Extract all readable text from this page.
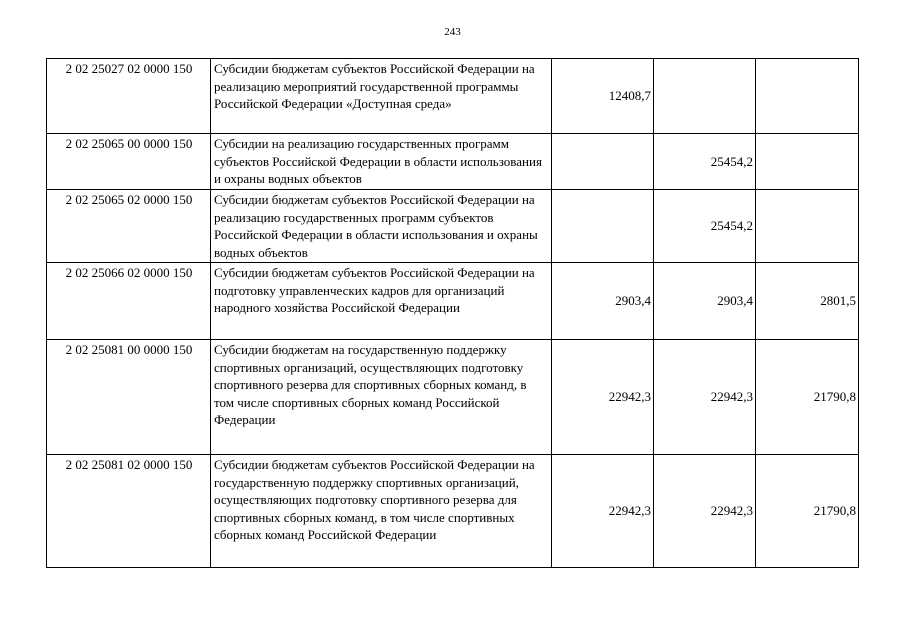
243
2 02 25027 02 0000 150	Субсидии бюджетам субъектов Российской Федерации на реализацию мероприятий государственной программы Российской Федерации «Доступная среда»	12408,7		
2 02 25065 00 0000 150	Субсидии на реализацию государственных программ субъектов Российской Федерации в области использования и охраны водных объектов		25454,2	
2 02 25065 02 0000 150	Субсидии бюджетам субъектов Российской Федерации на реализацию государственных программ субъектов Российской Федерации в области использования и охраны водных объектов		25454,2	
2 02 25066 02 0000 150	Субсидии бюджетам субъектов Российской Федерации на подготовку управленческих кадров для организаций народного хозяйства Российской Федерации	2903,4	2903,4	2801,5
2 02 25081 00 0000 150	Субсидии бюджетам на государственную поддержку спортивных организаций, осуществляющих подготовку спортивного резерва для спортивных сборных команд, в том числе спортивных сборных команд Российской Федерации	22942,3	22942,3	21790,8
2 02 25081 02 0000 150	Субсидии бюджетам субъектов Российской Федерации на государственную поддержку спортивных организаций, осуществляющих подготовку спортивного резерва для спортивных сборных команд, в том числе спортивных сборных команд Российской Федерации	22942,3	22942,3	21790,8
